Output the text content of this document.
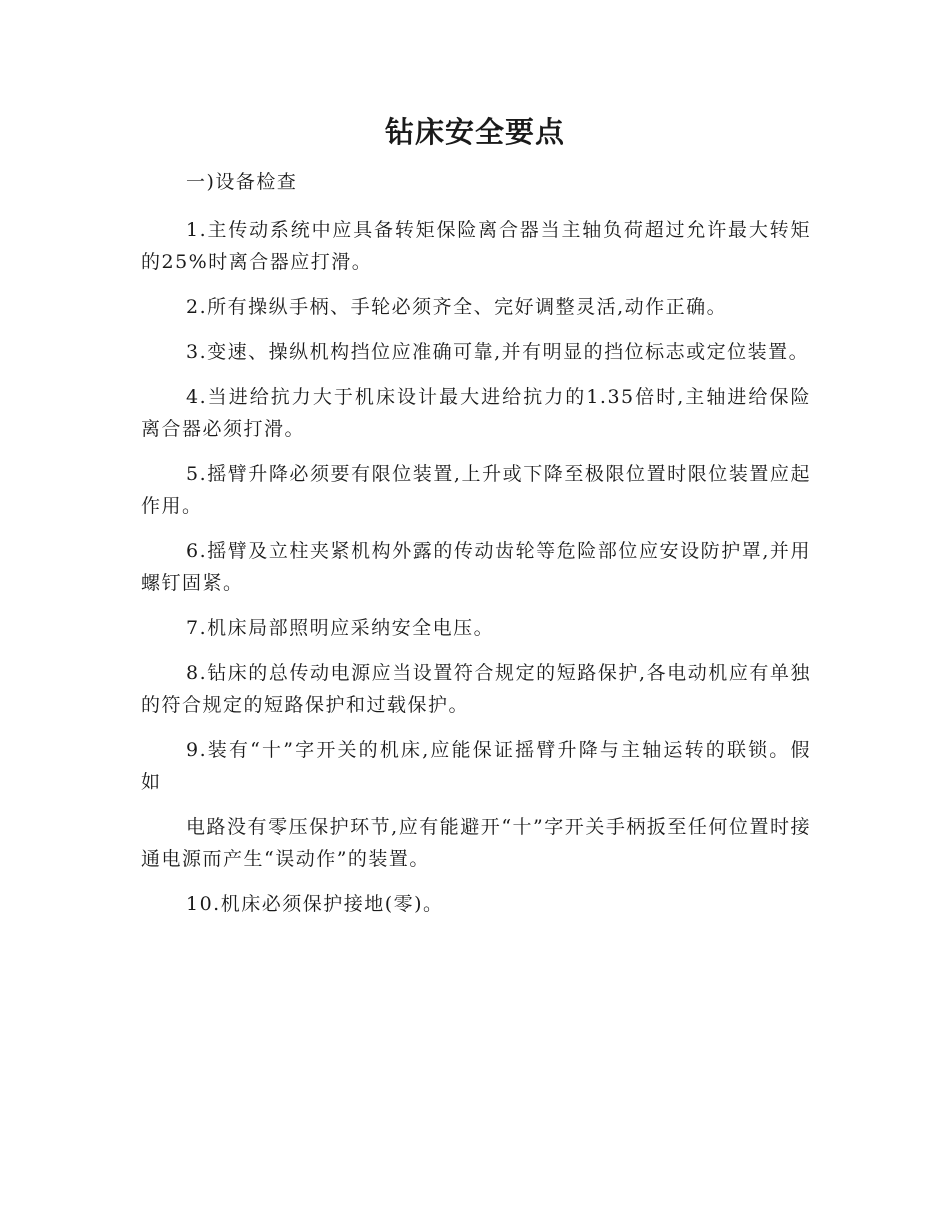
钻床安全要点

一)设备检查

1.主传动系统中应具备转矩保险离合器当主轴负荷超过允许最大转矩的25%时离合器应打滑。

2.所有操纵手柄、手轮必须齐全、完好调整灵活,动作正确。

3.变速、操纵机构挡位应准确可靠,并有明显的挡位标志或定位装置。

4.当进给抗力大于机床设计最大进给抗力的1.35倍时,主轴进给保险离合器必须打滑。

5.摇臂升降必须要有限位装置,上升或下降至极限位置时限位装置应起作用。

6.摇臂及立柱夹紧机构外露的传动齿轮等危险部位应安设防护罩,并用螺钉固紧。

7.机床局部照明应采纳安全电压。

8.钻床的总传动电源应当设置符合规定的短路保护,各电动机应有单独的符合规定的短路保护和过载保护。

9.装有“十”字开关的机床,应能保证摇臂升降与主轴运转的联锁。假如

电路没有零压保护环节,应有能避开“十”字开关手柄扳至任何位置时接通电源而产生“误动作”的装置。

10.机床必须保护接地(零)。
